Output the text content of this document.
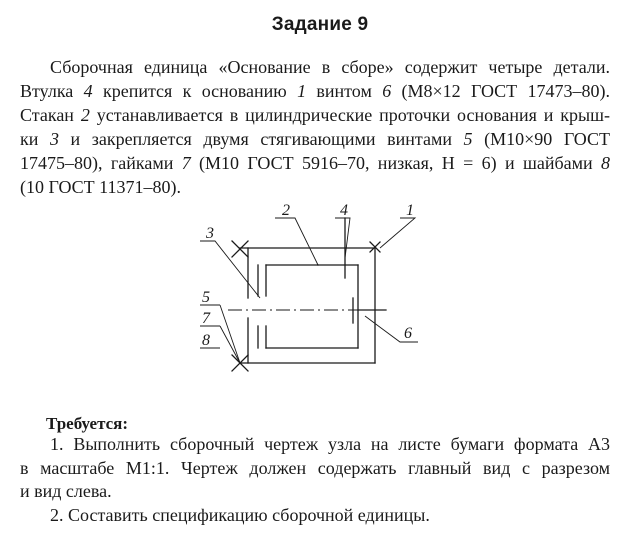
Задание 9
Сборочная единица «Основание в сборе» содержит четыре детали.
Втулка 4 крепится к основанию 1 винтом 6 (М8×12 ГОСТ 17473–80).
Стакан 2 устанавливается в цилиндрические проточки основания и крыш-
ки 3 и закрепляется двумя стягивающими винтами 5 (М10×90 ГОСТ
17475–80), гайками 7 (М10 ГОСТ 5916–70, низкая, Н = 6) и шайбами 8
(10 ГОСТ 11371–80).
1
2
3
4
5
6
7
8
Требуется:
1. Выполнить сборочный чертеж узла на листе бумаги формата А3
в масштабе М1:1. Чертеж должен содержать главный вид с разрезом
и вид слева.
2. Составить спецификацию сборочной единицы.
